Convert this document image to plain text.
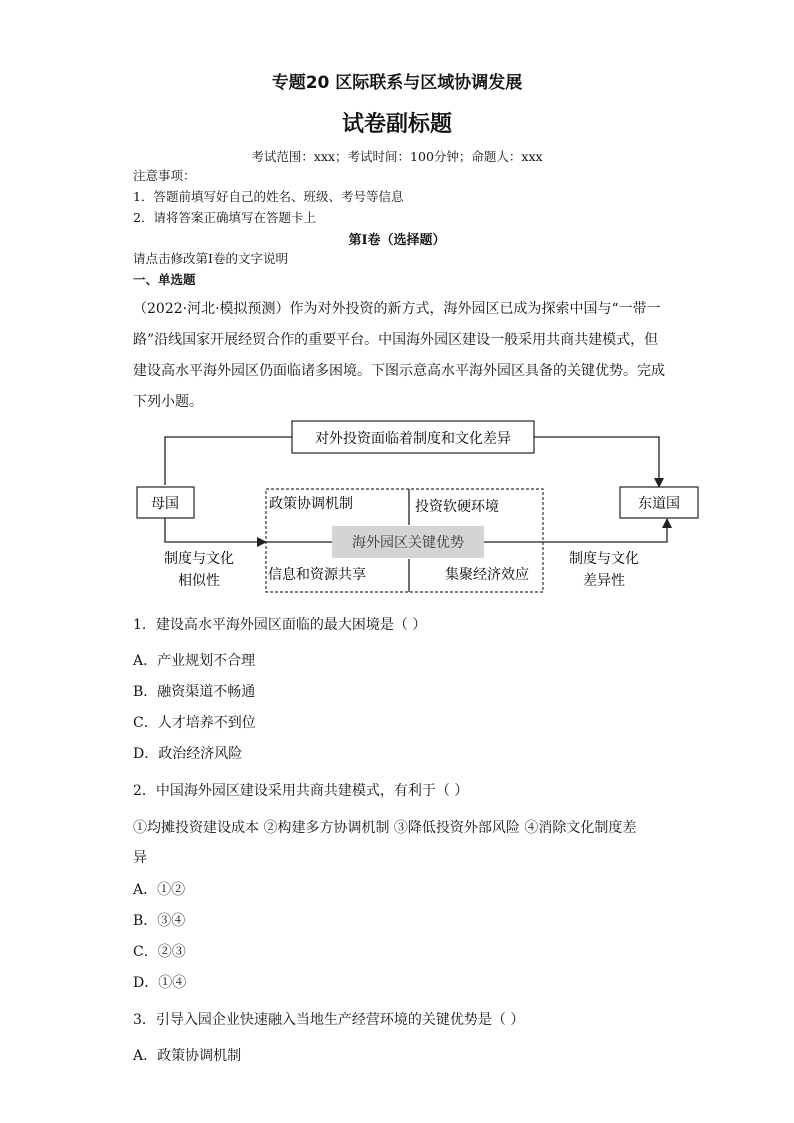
专题20 区际联系与区域协调发展
试卷副标题
考试范围：xxx；考试时间：100分钟；命题人：xxx
注意事项：
1．答题前填写好自己的姓名、班级、考号等信息
2．请将答案正确填写在答题卡上
第I卷（选择题）
请点击修改第I卷的文字说明
一、单选题
（2022·河北·模拟预测）作为对外投资的新方式，海外园区已成为探索中国与“一带一路”沿线国家开展经贸合作的重要平台。中国海外园区建设一般采用共商共建模式，但建设高水平海外园区仍面临诸多困境。下图示意高水平海外园区具备的关键优势。完成下列小题。
对外投资面临着制度和文化差异
母国
海外园区关键优势
政策协调机制	投资软硬环境
信息和资源共享	集聚经济效应
东道国
制度与文化
相似性
制度与文化
差异性
1．建设高水平海外园区面临的最大困境是（ ）
A．产业规划不合理
B．融资渠道不畅通
C．人才培养不到位
D．政治经济风险
2．中国海外园区建设采用共商共建模式，有利于（ ）
①均摊投资建设成本 ②构建多方协调机制 ③降低投资外部风险 ④消除文化制度差
异
A．①②
B．③④
C．②③
D．①④
3．引导入园企业快速融入当地生产经营环境的关键优势是（ ）
A．政策协调机制
